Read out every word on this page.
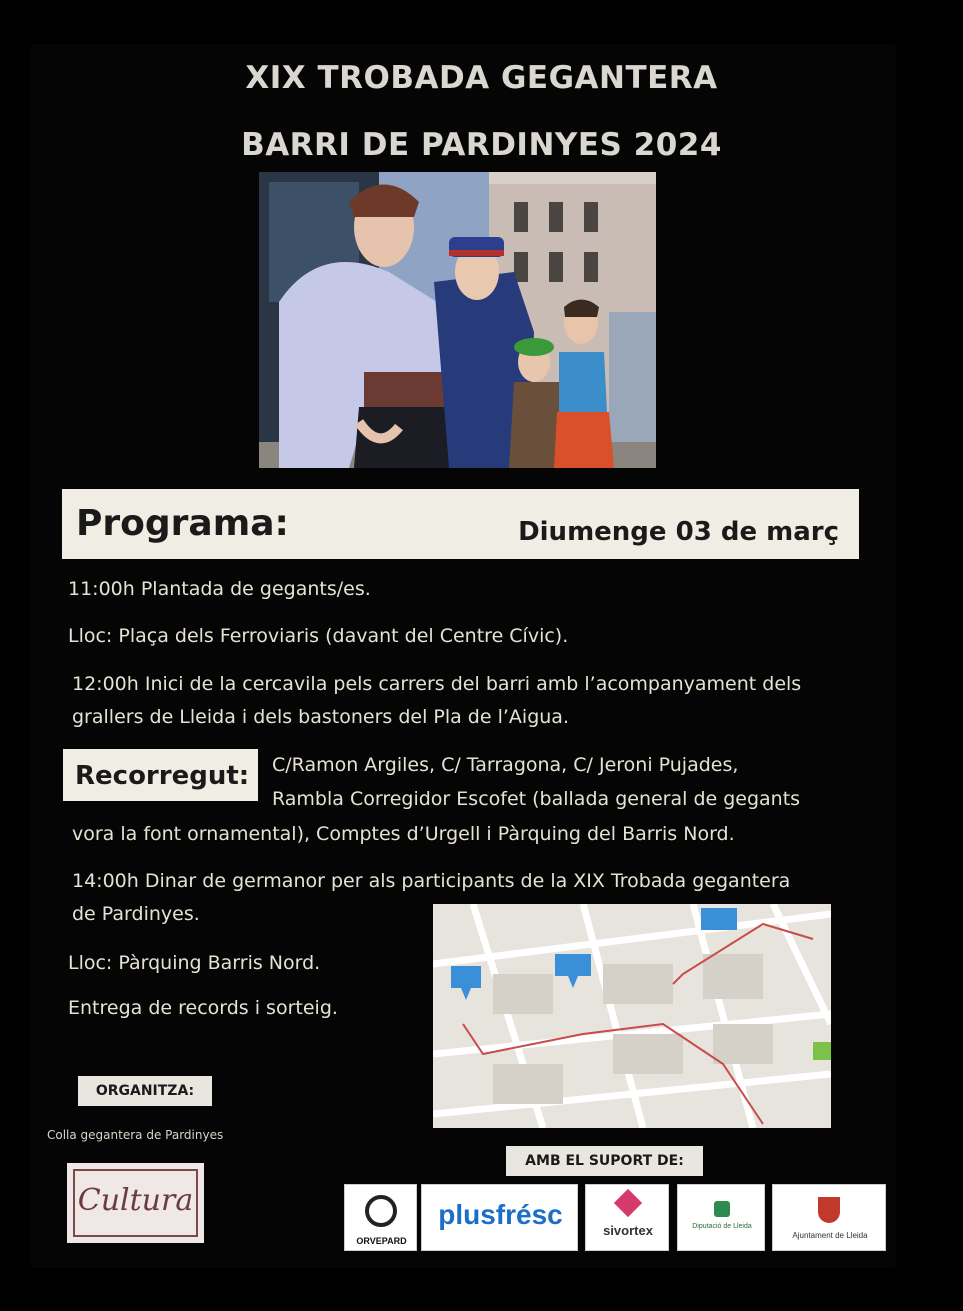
XIX TROBADA GEGANTERA
BARRI DE PARDINYES 2024
Programa:	Diumenge 03 de març
11:00h Plantada de gegants/es.
Lloc: Plaça dels Ferroviaris (davant del Centre Cívic).
12:00h Inici de la cercavila pels carrers del barri amb l’acompanyament dels
grallers de Lleida i dels bastoners del Pla de l’Aigua.
Recorregut: C/Ramon Argiles, C/ Tarragona, C/ Jeroni Pujades,
Rambla Corregidor Escofet (ballada general de gegants
vora la font ornamental), Comptes d’Urgell i Pàrquing del Barris Nord.
14:00h Dinar de germanor per als participants de la XIX Trobada gegantera
de Pardinyes.
Lloc: Pàrquing Barris Nord.
Entrega de records i sorteig.
ORGANITZA:
Colla gegantera de Pardinyes
Cultura
AMB EL SUPORT DE:
ORVEPARD
plusfrésc
sivortex	Diputació de Lleida
Ajuntament de Lleida
